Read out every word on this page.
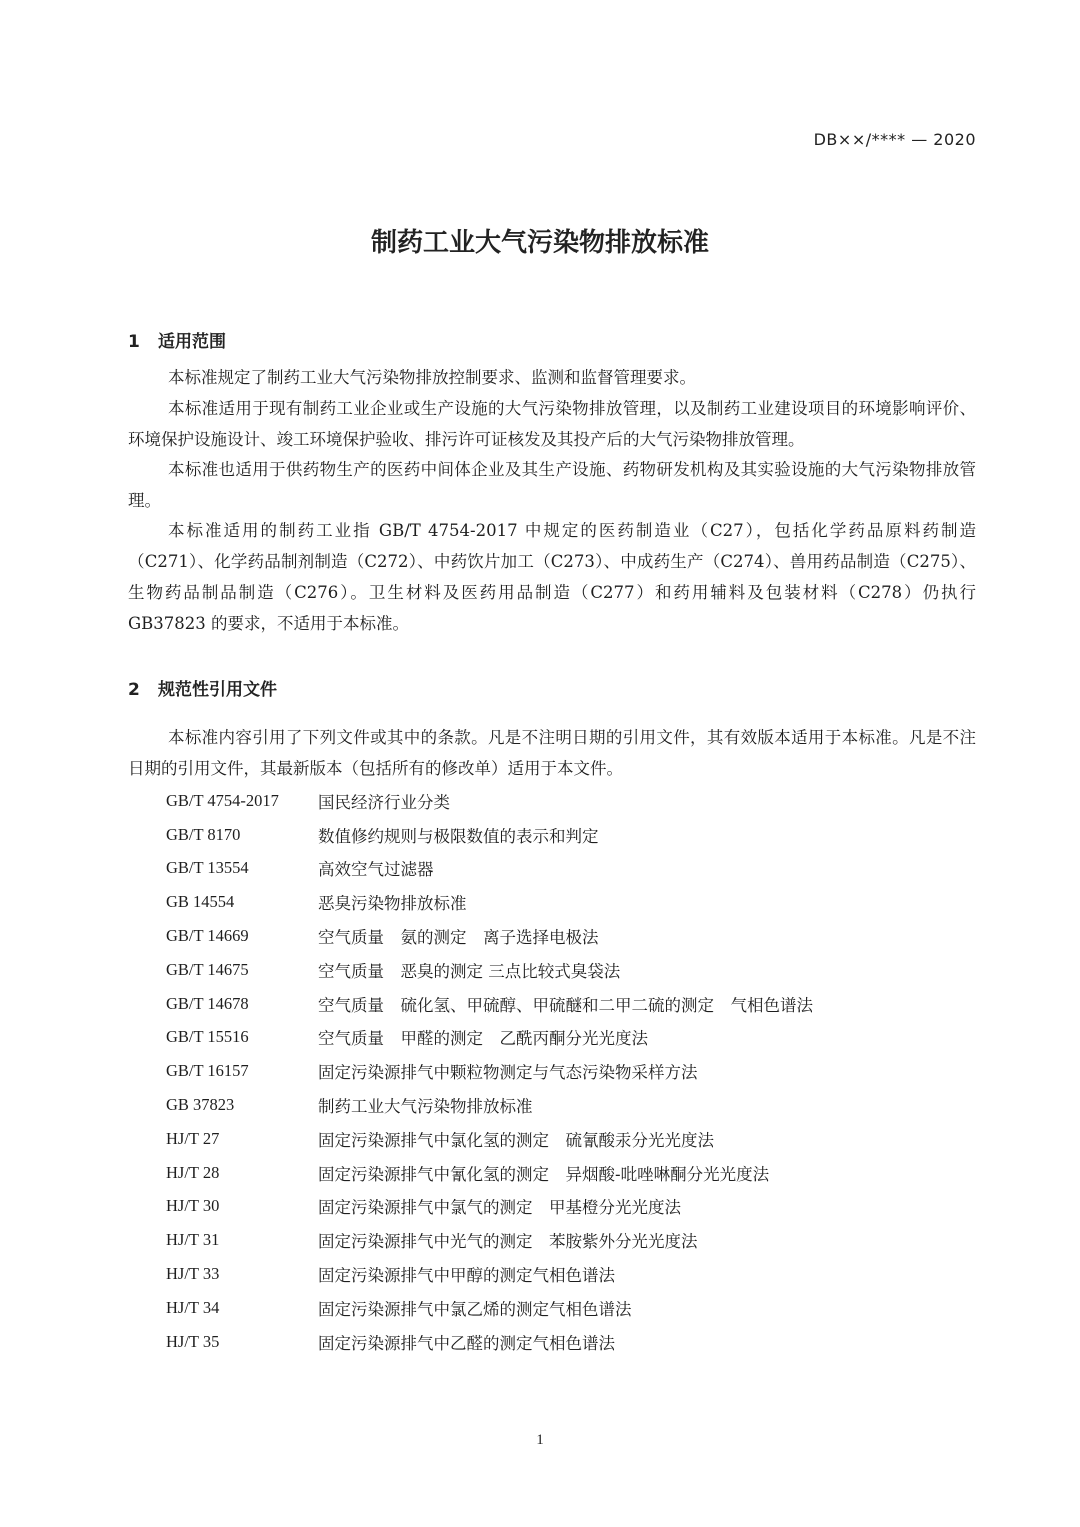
DB××/**** — 2020
制药工业大气污染物排放标准
1 适用范围

本标准规定了制药工业大气污染物排放控制要求、监测和监督管理要求。

本标准适用于现有制药工业企业或生产设施的大气污染物排放管理，以及制药工业建设项目的环境影响评价、环境保护设施设计、竣工环境保护验收、排污许可证核发及其投产后的大气污染物排放管理。

本标准也适用于供药物生产的医药中间体企业及其生产设施、药物研发机构及其实验设施的大气污染物排放管理。

本标准适用的制药工业指 GB/T 4754-2017 中规定的医药制造业（C27），包括化学药品原料药制造（C271）、化学药品制剂制造（C272）、中药饮片加工（C273）、中成药生产（C274）、兽用药品制造（C275）、生物药品制品制造（C276）。卫生材料及医药用品制造（C277）和药用辅料及包装材料（C278）仍执行 GB37823 的要求，不适用于本标准。

2 规范性引用文件

本标准内容引用了下列文件或其中的条款。凡是不注明日期的引用文件，其有效版本适用于本标准。凡是不注日期的引用文件，其最新版本（包括所有的修改单）适用于本文件。

GB/T 4754-2017	国民经济行业分类
GB/T 8170	数值修约规则与极限数值的表示和判定
GB/T 13554	高效空气过滤器
GB 14554	恶臭污染物排放标准
GB/T 14669	空气质量　氨的测定　离子选择电极法
GB/T 14675	空气质量　恶臭的测定 三点比较式臭袋法
GB/T 14678	空气质量　硫化氢、甲硫醇、甲硫醚和二甲二硫的测定　气相色谱法
GB/T 15516	空气质量　甲醛的测定　乙酰丙酮分光光度法
GB/T 16157	固定污染源排气中颗粒物测定与气态污染物采样方法
GB 37823	制药工业大气污染物排放标准
HJ/T 27	固定污染源排气中氯化氢的测定　硫氰酸汞分光光度法
HJ/T 28	固定污染源排气中氰化氢的测定　异烟酸-吡唑啉酮分光光度法
HJ/T 30	固定污染源排气中氯气的测定　甲基橙分光光度法
HJ/T 31	固定污染源排气中光气的测定　苯胺紫外分光光度法
HJ/T 33	固定污染源排气中甲醇的测定气相色谱法
HJ/T 34	固定污染源排气中氯乙烯的测定气相色谱法
HJ/T 35	固定污染源排气中乙醛的测定气相色谱法
1
